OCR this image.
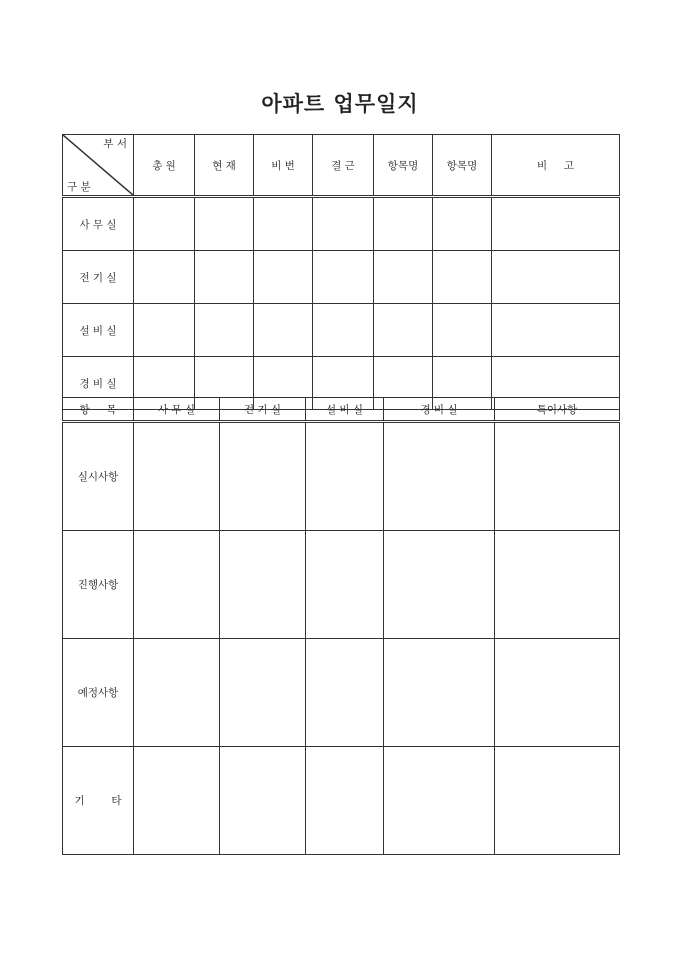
아파트 업무일지

부 서

구 분	총 원	현 재	비 번	결 근	항목명	항목명	비     고
사 무 실							
전 기 실							
설 비 실							
경 비 실							
항     목	사 무 실	전 기 실	설 비 실	경 비 실	특이사항
실시사항					
진행사항					
예정사항					
기        타					
